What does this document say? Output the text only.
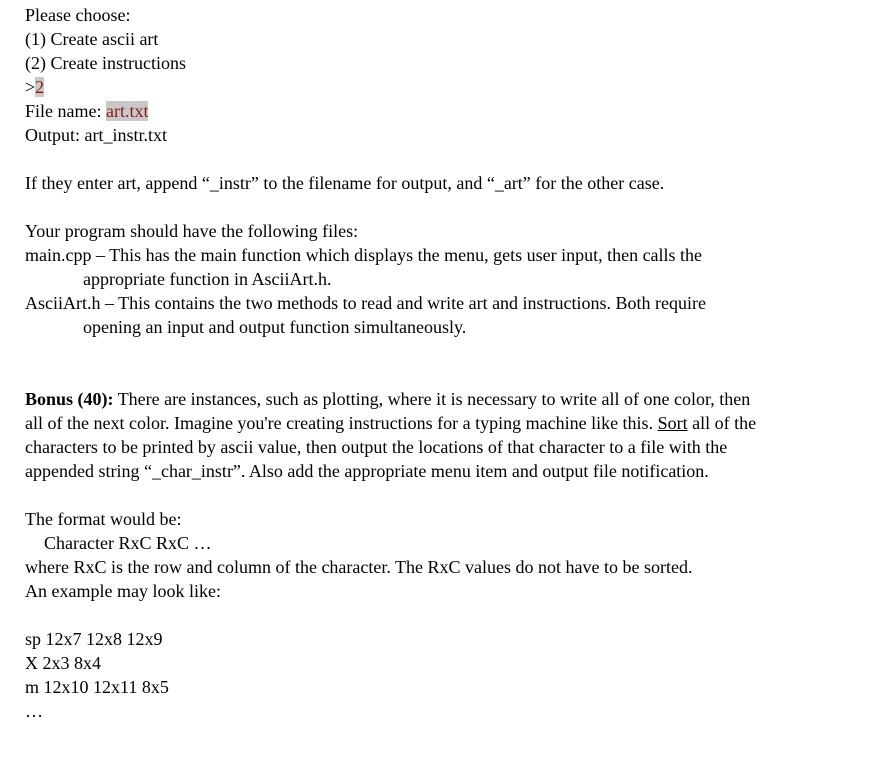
Please choose:
(1) Create ascii art
(2) Create instructions
>2
File name: art.txt
Output: art_instr.txt
If they enter art, append “_instr” to the filename for output, and “_art” for the other case.
Your program should have the following files:
main.cpp – This has the main function which displays the menu, gets user input, then calls the
appropriate function in AsciiArt.h.
AsciiArt.h – This contains the two methods to read and write art and instructions. Both require
opening an input and output function simultaneously.
Bonus (40): There are instances, such as plotting, where it is necessary to write all of one color, then
all of the next color. Imagine you're creating instructions for a typing machine like this. Sort all of the
characters to be printed by ascii value, then output the locations of that character to a file with the
appended string “_char_instr”. Also add the appropriate menu item and output file notification.
The format would be:
Character RxC RxC …
where RxC is the row and column of the character. The RxC values do not have to be sorted.
An example may look like:
sp 12x7 12x8 12x9
X 2x3 8x4
m 12x10 12x11 8x5
…
